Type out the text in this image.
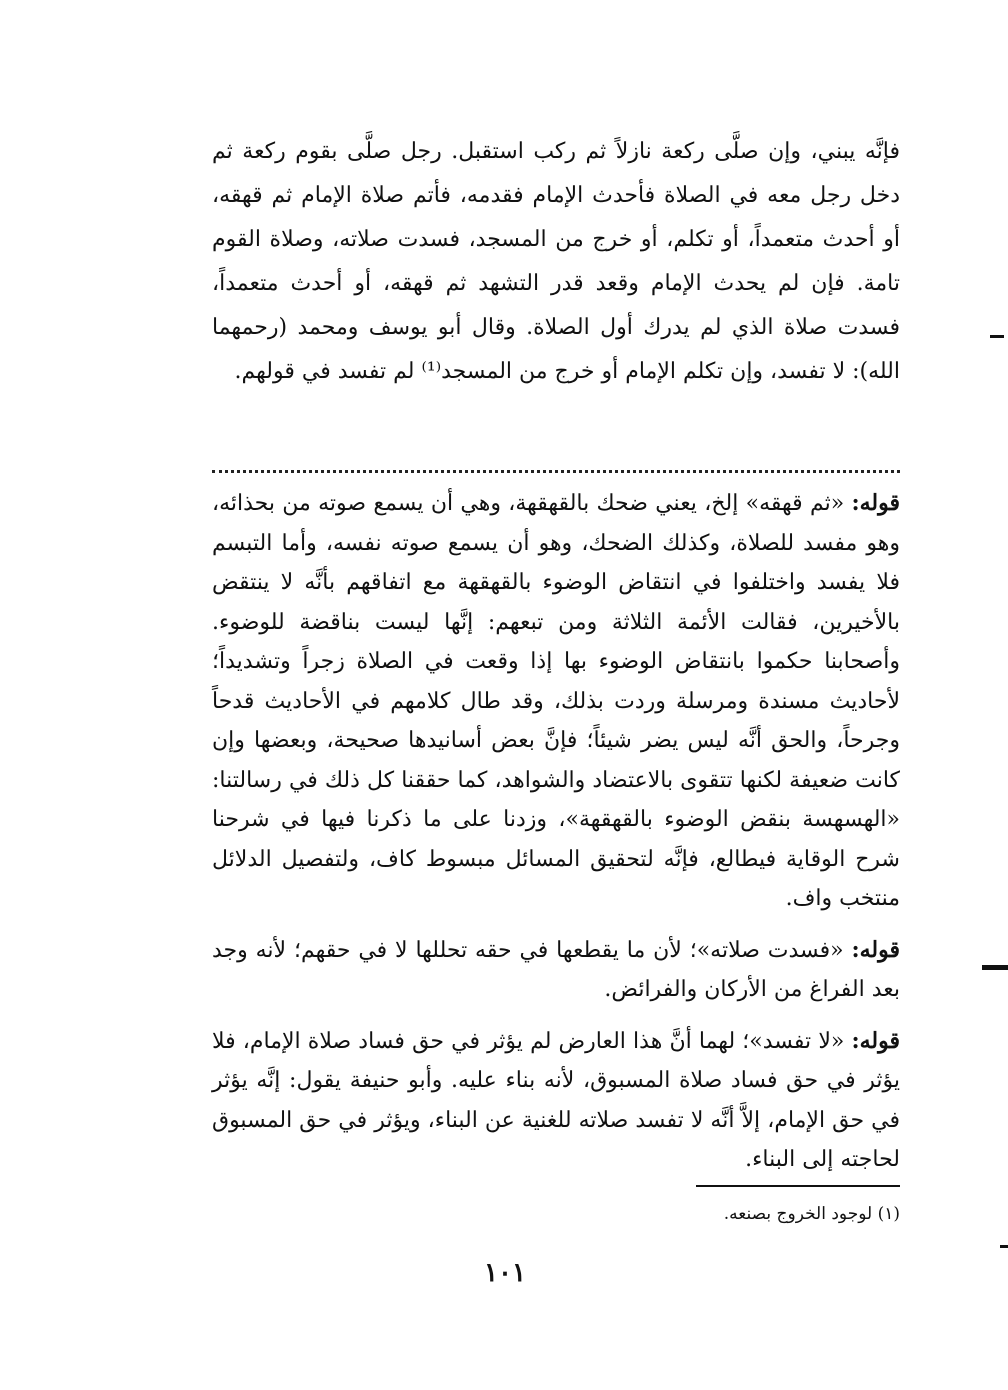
فإنَّه يبني، وإن صلَّى ركعة نازلاً ثم ركب استقبل. رجل صلَّى بقوم ركعة ثم دخل رجل معه في الصلاة فأحدث الإمام فقدمه، فأتم صلاة الإمام ثم قهقه، أو أحدث متعمداً، أو تكلم، أو خرج من المسجد، فسدت صلاته، وصلاة القوم تامة. فإن لم يحدث الإمام وقعد قدر التشهد ثم قهقه، أو أحدث متعمداً، فسدت صلاة الذي لم يدرك أول الصلاة. وقال أبو يوسف ومحمد (رحمهما الله): لا تفسد، وإن تكلم الإمام أو خرج من المسجد⁽¹⁾ لم تفسد في قولهم.

قوله: «ثم قهقه» إلخ، يعني ضحك بالقهقهة، وهي أن يسمع صوته من بحذائه، وهو مفسد للصلاة، وكذلك الضحك، وهو أن يسمع صوته نفسه، وأما التبسم فلا يفسد واختلفوا في انتقاض الوضوء بالقهقهة مع اتفاقهم بأنَّه لا ينتقض بالأخيرين، فقالت الأئمة الثلاثة ومن تبعهم: إنَّها ليست بناقضة للوضوء. وأصحابنا حكموا بانتقاض الوضوء بها إذا وقعت في الصلاة زجراً وتشديداً؛ لأحاديث مسندة ومرسلة وردت بذلك، وقد طال كلامهم في الأحاديث قدحاً وجرحاً، والحق أنَّه ليس يضر شيئاً؛ فإنَّ بعض أسانيدها صحيحة، وبعضها وإن كانت ضعيفة لكنها تتقوى بالاعتضاد والشواهد، كما حققنا كل ذلك في رسالتنا: «الهسهسة بنقض الوضوء بالقهقهة»، وزدنا على ما ذكرنا فيها في شرحنا شرح الوقاية فيطالع، فإنَّه لتحقيق المسائل مبسوط كاف، ولتفصيل الدلائل منتخب واف.

قوله: «فسدت صلاته»؛ لأن ما يقطعها في حقه تحللها لا في حقهم؛ لأنه وجد بعد الفراغ من الأركان والفرائض.

قوله: «لا تفسد»؛ لهما أنَّ هذا العارض لم يؤثر في حق فساد صلاة الإمام، فلا يؤثر في حق فساد صلاة المسبوق، لأنه بناء عليه. وأبو حنيفة يقول: إنَّه يؤثر في حق الإمام، إلاَّ أنَّه لا تفسد صلاته للغنية عن البناء، ويؤثر في حق المسبوق لحاجته إلى البناء.

(١) لوجود الخروج بصنعه.
١٠١
